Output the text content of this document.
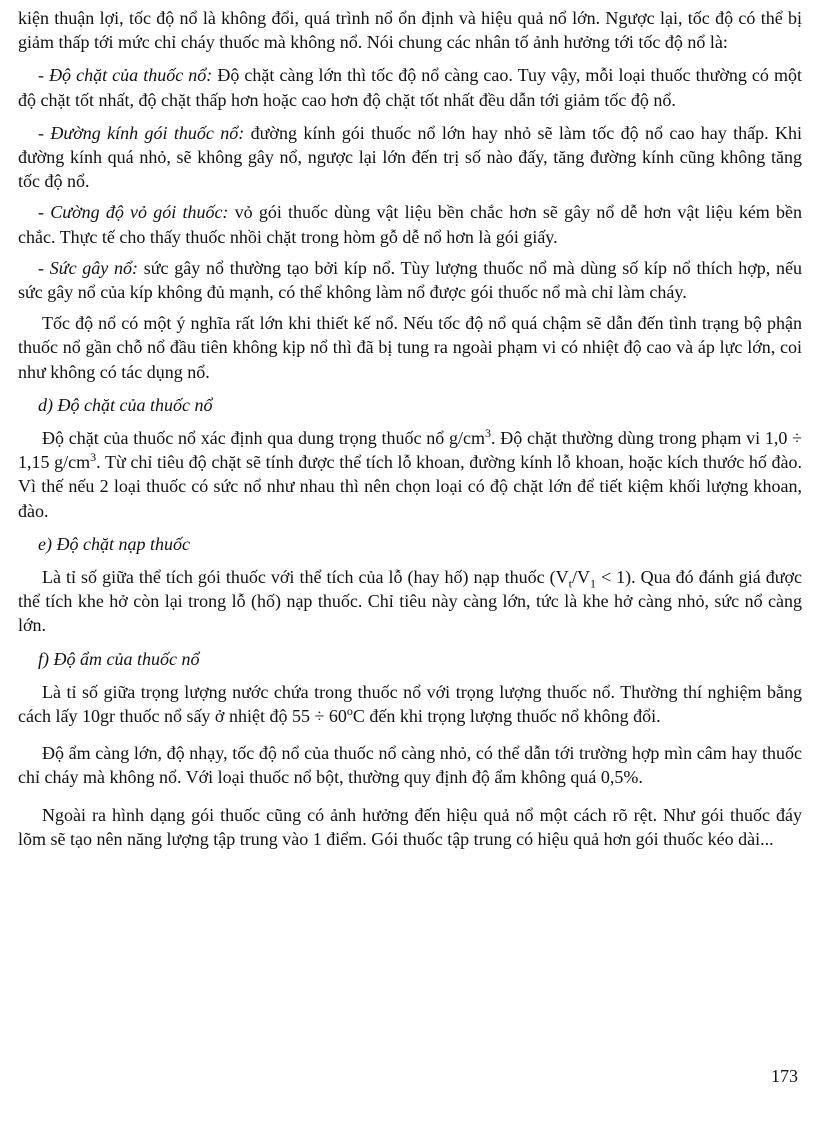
kiện thuận lợi, tốc độ nổ là không đổi, quá trình nổ ổn định và hiệu quả nổ lớn. Ngược lại, tốc độ có thể bị giảm thấp tới mức chỉ cháy thuốc mà không nổ. Nói chung các nhân tố ảnh hưởng tới tốc độ nổ là:

- Độ chặt của thuốc nổ: Độ chặt càng lớn thì tốc độ nổ càng cao. Tuy vậy, mỗi loại thuốc thường có một độ chặt tốt nhất, độ chặt thấp hơn hoặc cao hơn độ chặt tốt nhất đều dẫn tới giảm tốc độ nổ.

- Đường kính gói thuốc nổ: đường kính gói thuốc nổ lớn hay nhỏ sẽ làm tốc độ nổ cao hay thấp. Khi đường kính quá nhỏ, sẽ không gây nổ, ngược lại lớn đến trị số nào đấy, tăng đường kính cũng không tăng tốc độ nổ.

- Cường độ vỏ gói thuốc: vỏ gói thuốc dùng vật liệu bền chắc hơn sẽ gây nổ dễ hơn vật liệu kém bền chắc. Thực tế cho thấy thuốc nhồi chặt trong hòm gỗ dễ nổ hơn là gói giấy.

- Sức gây nổ: sức gây nổ thường tạo bởi kíp nổ. Tùy lượng thuốc nổ mà dùng số kíp nổ thích hợp, nếu sức gây nổ của kíp không đủ mạnh, có thể không làm nổ được gói thuốc nổ mà chỉ làm cháy.

Tốc độ nổ có một ý nghĩa rất lớn khi thiết kế nổ. Nếu tốc độ nổ quá chậm sẽ dẫn đến tình trạng bộ phận thuốc nổ gần chỗ nổ đầu tiên không kịp nổ thì đã bị tung ra ngoài phạm vi có nhiệt độ cao và áp lực lớn, coi như không có tác dụng nổ.

d) Độ chặt của thuốc nổ

Độ chặt của thuốc nổ xác định qua dung trọng thuốc nổ $g/cm^3$. Độ chặt thường dùng trong phạm vi 1,0 ÷ 1,15 $g/cm^3$. Từ chỉ tiêu độ chặt sẽ tính được thể tích lỗ khoan, đường kính lỗ khoan, hoặc kích thước hố đào. Vì thế nếu 2 loại thuốc có sức nổ như nhau thì nên chọn loại có độ chặt lớn để tiết kiệm khối lượng khoan, đào.

e) Độ chặt nạp thuốc

Là tỉ số giữa thể tích gói thuốc với thể tích của lỗ (hay hố) nạp thuốc $(V_t/V_1 < 1)$. Qua đó đánh giá được thể tích khe hở còn lại trong lỗ (hố) nạp thuốc. Chỉ tiêu này càng lớn, tức là khe hở càng nhỏ, sức nổ càng lớn.

f) Độ ẩm của thuốc nổ

Là tỉ số giữa trọng lượng nước chứa trong thuốc nổ với trọng lượng thuốc nổ. Thường thí nghiệm bằng cách lấy 10gr thuốc nổ sấy ở nhiệt độ $55 \div 60^oC$ đến khi trọng lượng thuốc nổ không đổi.

Độ ẩm càng lớn, độ nhạy, tốc độ nổ của thuốc nổ càng nhỏ, có thể dẫn tới trường hợp mìn câm hay thuốc chỉ cháy mà không nổ. Với loại thuốc nổ bột, thường quy định độ ẩm không quá 0,5%.

Ngoài ra hình dạng gói thuốc cũng có ảnh hưởng đến hiệu quả nổ một cách rõ rệt. Như gói thuốc đáy lõm sẽ tạo nên năng lượng tập trung vào 1 điểm. Gói thuốc tập trung có hiệu quả hơn gói thuốc kéo dài...

173
